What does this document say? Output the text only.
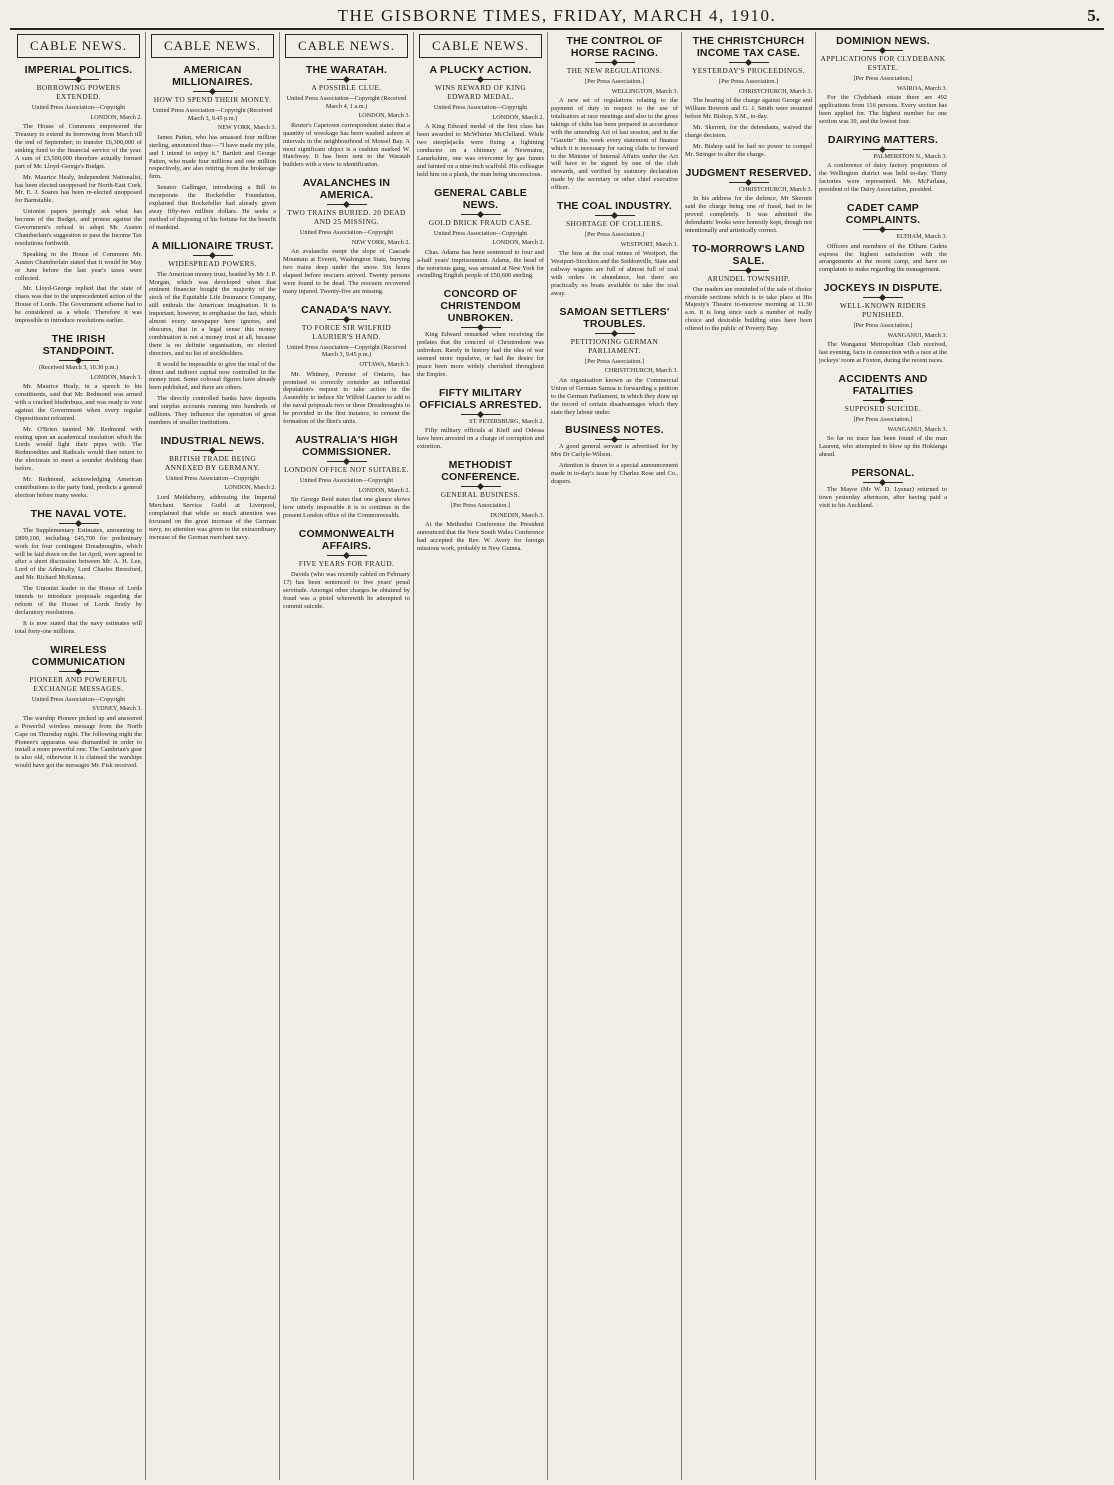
THE GISBORNE TIMES, FRIDAY, MARCH 4, 1910.	5.
CABLE NEWS.
IMPERIAL POLITICS.
BORROWING POWERS EXTENDED.
United Press Association—Copyright
LONDON, March 2.

The House of Commons empowered the Treasury to extend its borrowing from March till the end of September; to transfer £6,300,000 of sinking fund to the financial service of the year. A sum of £3,500,000 therefore actually formed part of Mr. Lloyd-George's Budget.

Mr. Maurice Healy, Independent Nationalist, has been elected unopposed for North-East Cork. Mr. E. J. Soares has been re-elected unopposed for Barnstable.

Unionist papers jeeringly ask what has become of the Budget, and protest against the Government's refusal to adopt Mr. Austen Chamberlain's suggestion to pass the Income Tax resolutions forthwith.

Speaking in the House of Commons Mr. Austen Chamberlain stated that it would be May or June before the last year's taxes were collected.

Mr. Lloyd-George replied that the state of chaos was due to the unprecedented action of the House of Lords. The Government scheme had to be considered as a whole. Therefore it was impossible to introduce resolutions earlier.

THE IRISH STANDPOINT.
(Received March 3, 10.30 p.m.)
LONDON, March 3.

Mr. Maurice Healy, in a speech to his constituents, said that Mr. Redmond was armed with a cracked bluderbuss, and was ready to vote against the Government when every regular Oppositionist refrained.

Mr. O'Brien taunted Mr. Redmond with resting upon an academical resolution which the Lords would light their pipes with. The Redmondites and Radicals would then return to the electorate to meet a sounder drubbing than before.

Mr. Redmond, acknowledging American contributions to the party fund, predicts a general election before many weeks.

THE NAVAL VOTE.

The Supplementary Estimates, amounting to £899,100, including £45,700 for preliminary work for four contingent Dreadnoughts, which will be laid down on the 1st April, were agreed to after a short discussion between Mr. A. H. Lee, Lord of the Admiralty, Lord Charles Beresford, and Mr. Richard McKenna.

The Unionist leader in the House of Lords intends to introduce proposals regarding the reform of the House of Lords firstly by declaratory resolutions.

It is now stated that the navy estimates will total forty-one millions.

WIRELESS COMMUNICATION
PIONEER AND POWERFUL EXCHANGE MESSAGES.
United Press Association—Copyright
SYDNEY, March 3.

The warship Pioneer picked up and answered a Powerful wireless message from the North Cape on Thursday night. The following night the Pioneer's apparatus was dismantled in order to install a more powerful one. The Cambrian's gear is also old, otherwise it is claimed the warships would have got the messages Mr. Fisk received.

CABLE NEWS.
AMERICAN MILLIONAIRES.
HOW TO SPEND THEIR MONEY.
United Press Association—Copyright (Received March 3, 9.45 p.m.)
NEW YORK, March 3.

James Patten, who has amassed four million sterling, announced thus:—"I have made my pile, and I intend to enjoy it." Bartlett and George Patten, who made four millions and one million respectively, are also retiring from the brokerage firm.

Senator Gallinger, introducing a Bill to incorporate the Rockefeller Foundation, explained that Rockefeller had already given away fifty-two million dollars. He seeks a method of disposing of his fortune for the benefit of mankind.

A MILLIONAIRE TRUST.
WIDESPREAD POWERS.

The American money trust, headed by Mr J. P. Morgan, which was developed when that eminent financier bought the majority of the stock of the Equitable Life Insurance Company, still enthrals the American imagination. It is important, however, to emphasise the fact, which almost every newspaper here ignores, and obscures, that in a legal sense this money combination is not a money trust at all, because there is no definite organisation, no elected directors, and no list of stockholders.

It would be impossible to give the total of the direct and indirect capital now controlled in the money trust. Some colossal figures have already been published, and there are others.

The directly controlled banks have deposits and surplus accounts running into hundreds of millions. They influence the operation of great numbers of smaller institutions.

INDUSTRIAL NEWS.
BRITISH TRADE BEING ANNEXED BY GERMANY.
United Press Association—Copyright
LONDON, March 2.

Lord Meldeberry, addressing the Imperial Merchant Service Guild at Liverpool, complained that while so much attention was focussed on the great increase of the German navy, no attention was given to the extraordinary increase of the German merchant navy.

CABLE NEWS.
THE WARATAH.
A POSSIBLE CLUE.
United Press Association—Copyright (Received March 4, 1 a.m.)
LONDON, March 3.

Reuter's Capetown correspondent states that a quantity of wreckage has been washed ashore at intervals in the neighbourhood of Mossel Bay. A most significant object is a cushion marked W. Hatchway. It has been sent to the Waratah builders with a view to identification.

AVALANCHES IN AMERICA.
TWO TRAINS BURIED. 20 DEAD AND 25 MISSING.
United Press Association—Copyright
NEW YORK, March 2.

An avalanche swept the slope of Cascade Mountain at Everett, Washington State, burying two trains deep under the snow. Six hours elapsed before rescuers arrived. Twenty persons were found to be dead. The rescuers recovered many injured. Twenty-five are missing.

CANADA'S NAVY.
TO FORCE SIR WILFRID LAURIER'S HAND.
United Press Association—Copyright (Received March 3, 9.45 p.m.)
OTTAWA, March 3.

Mr. Whitney, Premier of Ontario, has promised to correctly consider an influential deputation's request to take action in the Assembly to induce Sir Wilfrid Laurier to add to the naval proposals two or three Dreadnoughts to be provided in the first instance, to cement the formation of the fleet's units.

AUSTRALIA'S HIGH COMMISSIONER.
LONDON OFFICE NOT SUITABLE.
United Press Association—Copyright
LONDON, March 2.

Sir George Reid states that one glance shows how utterly impossible it is to continue in the present London office of the Commonwealth.

COMMONWEALTH AFFAIRS.
FIVE YEARS FOR FRAUD.

Davids (who was recently cabled on February 17) has been sentenced to five years' penal servitude. Amongst other charges he obtained by fraud was a pistol wherewith he attempted to commit suicide.

CABLE NEWS.
A PLUCKY ACTION.
WINS REWARD OF KING EDWARD MEDAL.
United Press Association—Copyright
LONDON, March 2.

A King Edward medal of the first class has been awarded to McWhirter McClelland. While two steeplejacks were fixing a lightning conductor on a chimney at Newmains, Lanarkshire, one was overcome by gas fumes and fainted on a nine-inch scaffold. His colleague held him on a plank, the man being unconscious.

GENERAL CABLE NEWS.
GOLD BRICK FRAUD CASE.
United Press Association—Copyright
LONDON, March 2.

Chas. Adams has been sentenced to four and a-half years' imprisonment. Adams, the head of the notorious gang, was arrested at New York for swindling English people of £50,600 sterling.

CONCORD OF CHRISTENDOM UNBROKEN.

King Edward remarked when receiving the prelates that the concord of Christendom was unbroken. Rarely in history had the idea of war seemed more repulsive, or had the desire for peace been more widely cherished throughout the Empire.

FIFTY MILITARY OFFICIALS ARRESTED.
ST. PETERSBURG, March 2.

Fifty military officials at Kieff and Odessa have been arrested on a charge of corruption and extortion.

METHODIST CONFERENCE.
GENERAL BUSINESS.
[Per Press Association.]
DUNEDIN, March 3.

At the Methodist Conference the President announced that the New South Wales Conference had accepted the Rev. W. Avery for foreign missions work, probably in New Guinea.

THE CONTROL OF HORSE RACING.
THE NEW REGULATIONS.
[Per Press Association.]
WELLINGTON, March 3.

A new set of regulations relating to the payment of duty in respect to the use of totalisators at race meetings and also to the gross takings of clubs has been prepared in accordance with the amending Act of last session, and in the "Gazette" this week every statement of finance which it is necessary for racing clubs to forward to the Minister of Internal Affairs under the Act will have to be signed by one of the club stewards, and verified by statutory declaration made by the secretary or other chief executive officer.

THE COAL INDUSTRY.
SHORTAGE OF COLLIERS.
[Per Press Association.]
WESTPORT, March 3.

The bins at the coal mines of Westport, the Westport-Stockton and the Seddonville, State and railway wagons are full of almost full of coal with orders in abundance, but there are practically no boats available to take the coal away.

SAMOAN SETTLERS' TROUBLES.
PETITIONING GERMAN PARLIAMENT.
[Per Press Association.]
CHRISTCHURCH, March 3.

An organisation known as the Commercial Union of German Samoa is forwarding a petition to the German Parliament, in which they draw up the record of certain disadvantages which they state they labour under.

BUSINESS NOTES.

A good general servant is advertised for by Mrs Dr Carlyle-Wilson.

Attention is drawn to a special announcement made in to-day's issue by Charles Rose and Co., drapers.

THE CHRISTCHURCH INCOME TAX CASE.
YESTERDAY'S PROCEEDINGS.
[Per Press Association.]
CHRISTCHURCH, March 3.

The hearing of the charge against George and William Bowron and G. J. Smith were resumed before Mr. Bishop, S.M., to-day.

Mr. Skerrett, for the defendants, waived the charge decision.

Mr. Bishop said he had no power to compel Mr. Stringer to alter the charge.

JUDGMENT RESERVED.
CHRISTCHURCH, March 3.

In his address for the defence, Mr Skerrett said the charge being one of fraud, had to be proved completely. It was admitted the defendants' books were honestly kept, though not intentionally and artistically correct.

TO-MORROW'S LAND SALE.
ARUNDEL TOWNSHIP.

Our readers are reminded of the sale of choice riverside sections which is to take place at His Majesty's Theatre to-morrow morning at 11.30 a.m. It is long since such a number of really choice and desirable building sites have been offered to the public of Poverty Bay.

DOMINION NEWS.
APPLICATIONS FOR CLYDEBANK ESTATE.
[Per Press Association.]
WAIROA, March 3.

For the Clydebank estate there are 492 applications from 116 persons. Every section has been applied for. The highest number for one section was 39, and the lowest four.

DAIRYING MATTERS.
PALMERSTON N., March 3.

A conference of dairy factory proprietors of the Wellington district was held to-day. Thirty factories were represented. Mr. McFarlane, president of the Dairy Association, presided.

CADET CAMP COMPLAINTS.
ELTHAM, March 3.

Officers and members of the Eltham Cadets express the highest satisfaction with the arrangements at the recent camp, and have no complaints to make regarding the management.

JOCKEYS IN DISPUTE.
WELL-KNOWN RIDERS PUNISHED.
[Per Press Association.]
WANGANUI, March 3.

The Wanganui Metropolitan Club received, last evening, facts in connection with a race at the jockeys' room at Foxton, during the recent races.

ACCIDENTS AND FATALITIES
SUPPOSED SUICIDE.
[Per Press Association.]
WANGANUI, March 3.

So far no trace has been found of the man Laurent, who attempted to blow up the Hokianga ahead.

PERSONAL.

The Mayor (Mr W. D. Lysnar) returned to town yesterday afternoon, after having paid a visit to his Auckland.
